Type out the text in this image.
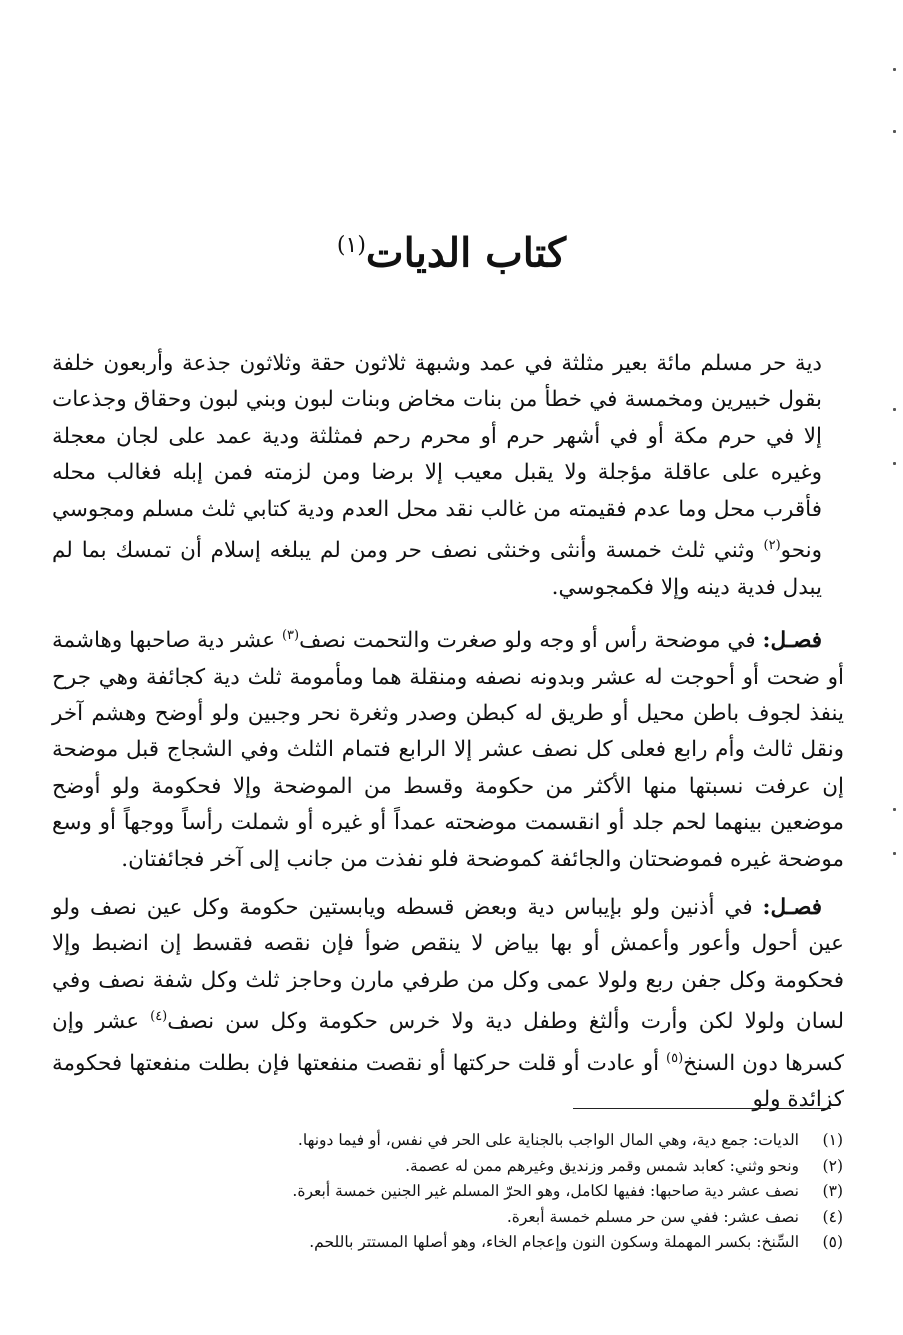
كتاب الديات$^{(١)}$

دية حر مسلم مائة بعير مثلثة في عمد وشبهة ثلاثون حقة وثلاثون جذعة وأربعون خلفة بقول خبيرين ومخمسة في خطأ من بنات مخاض وبنات لبون وبني لبون وحقاق وجذعات إلا في حرم مكة أو في أشهر حرم أو محرم رحم فمثلثة ودية عمد على لجان معجلة وغيره على عاقلة مؤجلة ولا يقبل معيب إلا برضا ومن لزمته فمن إبله فغالب محله فأقرب محل وما عدم فقيمته من غالب نقد محل العدم ودية كتابي ثلث مسلم ومجوسي ونحو$^{(٢)}$ وثني ثلث خمسة وأنثى وخنثى نصف حر ومن لم يبلغه إسلام أن تمسك بما لم يبدل فدية دينه وإلا فكمجوسي.

فصـل: في موضحة رأس أو وجه ولو صغرت والتحمت نصف$^{(٣)}$ عشر دية صاحبها وهاشمة أو ضحت أو أحوجت له عشر وبدونه نصفه ومنقلة هما ومأمومة ثلث دية كجائفة وهي جرح ينفذ لجوف باطن محيل أو طريق له كبطن وصدر وثغرة نحر وجبين ولو أوضح وهشم آخر ونقل ثالث وأم رابع فعلى كل نصف عشر إلا الرابع فتمام الثلث وفي الشجاج قبل موضحة إن عرفت نسبتها منها الأكثر من حكومة وقسط من الموضحة وإلا فحكومة ولو أوضح موضعين بينهما لحم جلد أو انقسمت موضحته عمداً أو غيره أو شملت رأساً ووجهاً أو وسع موضحة غيره فموضحتان والجائفة كموضحة فلو نفذت من جانب إلى آخر فجائفتان.

فصـل: في أذنين ولو بإيباس دية وبعض قسطه ويابستين حكومة وكل عين نصف ولو عين أحول وأعور وأعمش أو بها بياض لا ينقص ضوأ فإن نقصه فقسط إن انضبط وإلا فحكومة وكل جفن ربع ولولا عمى وكل من طرفي مارن وحاجز ثلث وكل شفة نصف وفي لسان ولولا لكن وأرت وألثغ وطفل دية ولا خرس حكومة وكل سن نصف$^{(٤)}$ عشر وإن كسرها دون السنخ$^{(٥)}$ أو عادت أو قلت حركتها أو نقصت منفعتها فإن بطلت منفعتها فحكومة كزائدة ولو

(١)
الديات: جمع دية، وهي المال الواجب بالجناية على الحر في نفس، أو فيما دونها.
(٢)
ونحو وثني: كعابد شمس وقمر وزنديق وغيرهم ممن له عصمة.
(٣)
نصف عشر دية صاحبها: ففيها لكامل، وهو الحرّ المسلم غير الجنين خمسة أبعرة.
(٤)
نصف عشر: ففي سن حر مسلم خمسة أبعرة.
(٥)
السِّنخ: بكسر المهملة وسكون النون وإعجام الخاء، وهو أصلها المستتر باللحم.
